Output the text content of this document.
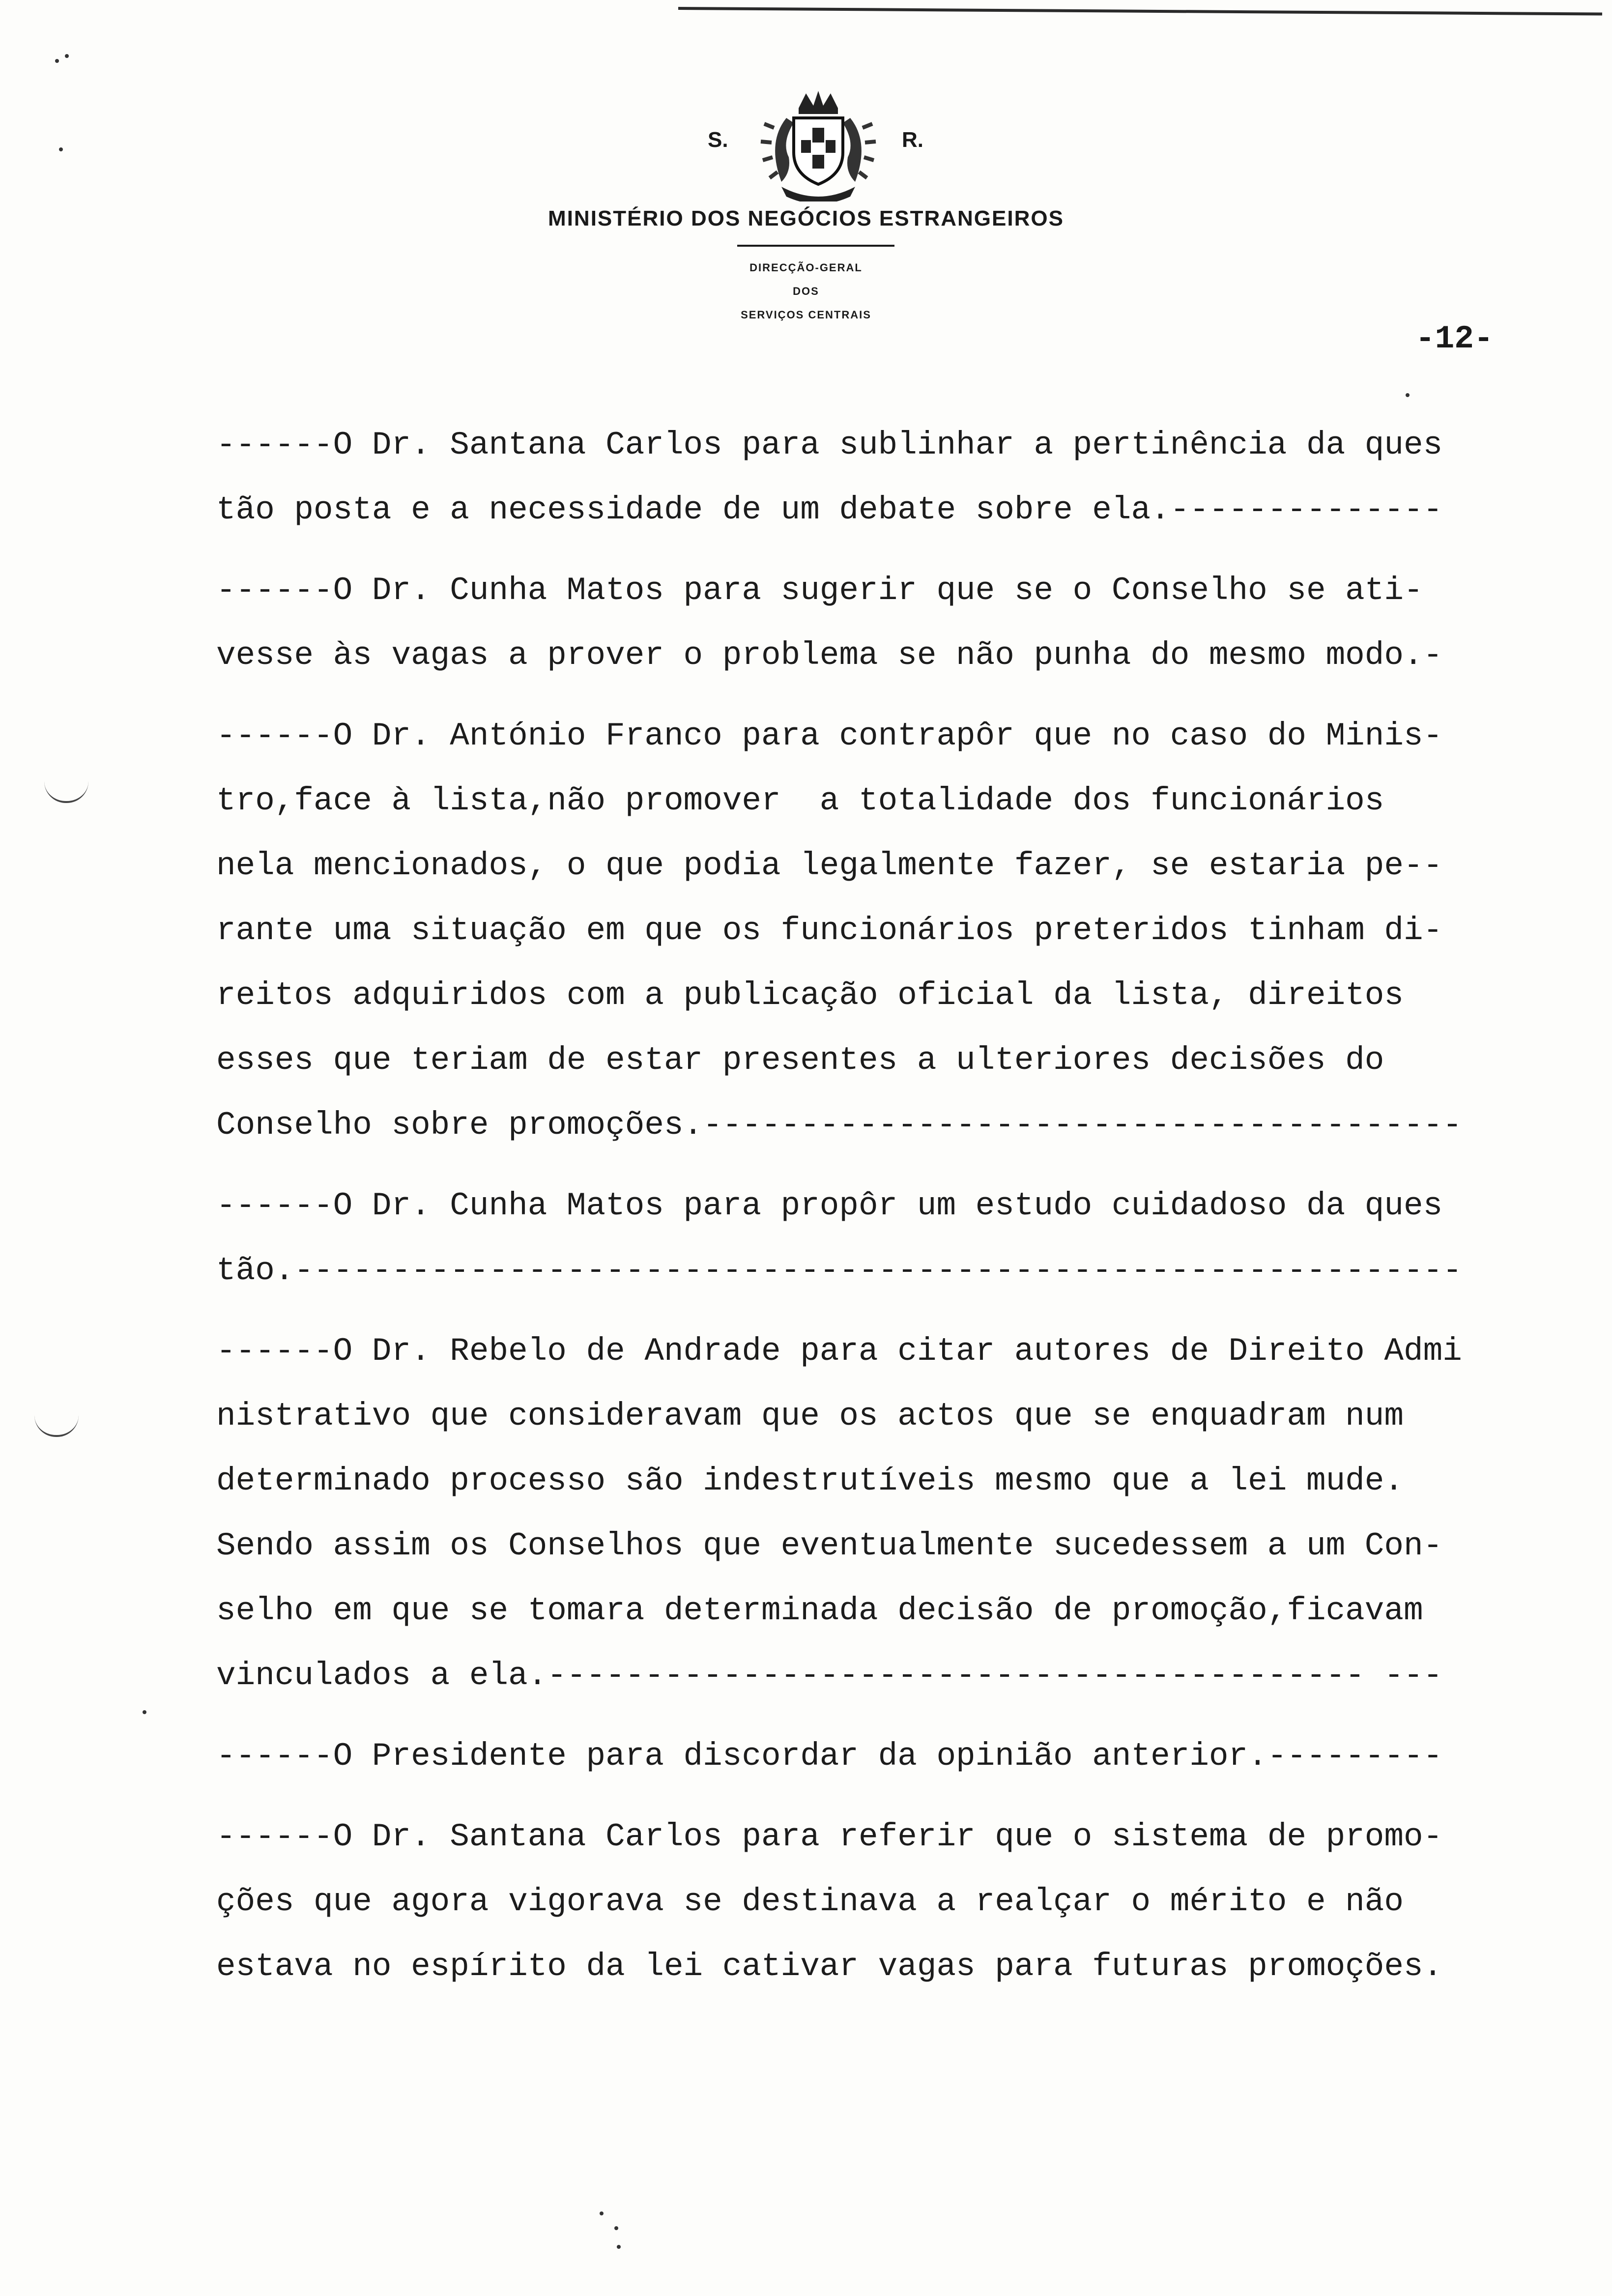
S.	R.
MINISTÉRIO DOS NEGÓCIOS ESTRANGEIROS
DIRECÇÃO-GERAL
DOS
SERVIÇOS CENTRAIS
-12-
------O Dr. Santana Carlos para sublinhar a pertinência da ques
tão posta e a necessidade de um debate sobre ela.--------------
------O Dr. Cunha Matos para sugerir que se o Conselho se ati-
vesse às vagas a prover o problema se não punha do mesmo modo.-
------O Dr. António Franco para contrapôr que no caso do Minis-
tro,face à lista,não promover  a totalidade dos funcionários
nela mencionados, o que podia legalmente fazer, se estaria pe--
rante uma situação em que os funcionários preteridos tinham di-
reitos adquiridos com a publicação oficial da lista, direitos
esses que teriam de estar presentes a ulteriores decisões do
Conselho sobre promoções.---------------------------------------
------O Dr. Cunha Matos para propôr um estudo cuidadoso da ques
tão.------------------------------------------------------------
------O Dr. Rebelo de Andrade para citar autores de Direito Admi
nistrativo que consideravam que os actos que se enquadram num
determinado processo são indestrutíveis mesmo que a lei mude.
Sendo assim os Conselhos que eventualmente sucedessem a um Con-
selho em que se tomara determinada decisão de promoção,ficavam
vinculados a ela.------------------------------------------ ---
------O Presidente para discordar da opinião anterior.---------
------O Dr. Santana Carlos para referir que o sistema de promo-
ções que agora vigorava se destinava a realçar o mérito e não
estava no espírito da lei cativar vagas para futuras promoções.
